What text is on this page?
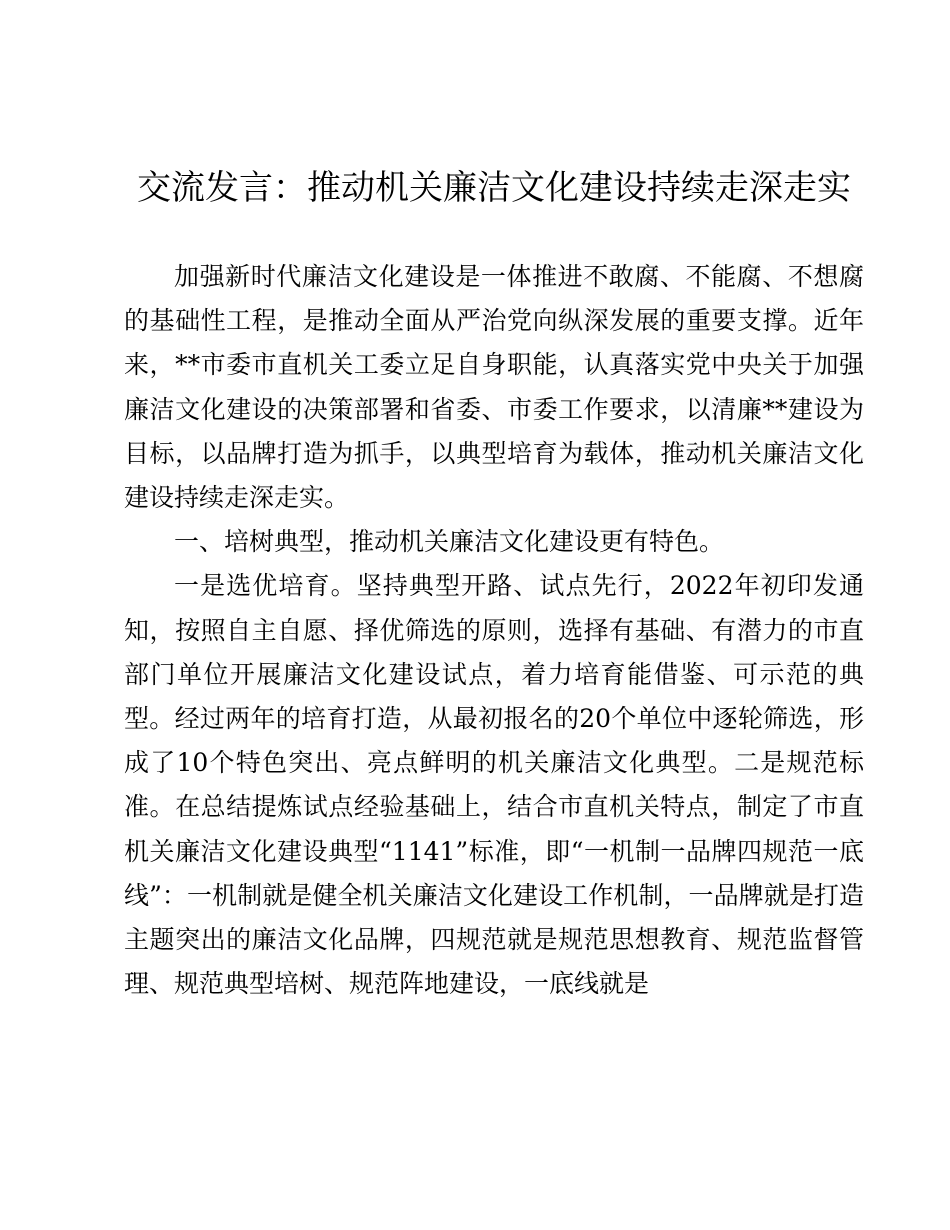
交流发言：推动机关廉洁文化建设持续走深走实

加强新时代廉洁文化建设是一体推进不敢腐、不能腐、不想腐的基础性工程，是推动全面从严治党向纵深发展的重要支撑。近年来，**市委市直机关工委立足自身职能，认真落实党中央关于加强廉洁文化建设的决策部署和省委、市委工作要求，以清廉**建设为目标，以品牌打造为抓手，以典型培育为载体，推动机关廉洁文化建设持续走深走实。

一、培树典型，推动机关廉洁文化建设更有特色。

一是选优培育。坚持典型开路、试点先行，2022年初印发通知，按照自主自愿、择优筛选的原则，选择有基础、有潜力的市直部门单位开展廉洁文化建设试点，着力培育能借鉴、可示范的典型。经过两年的培育打造，从最初报名的20个单位中逐轮筛选，形成了10个特色突出、亮点鲜明的机关廉洁文化典型。二是规范标准。在总结提炼试点经验基础上，结合市直机关特点，制定了市直机关廉洁文化建设典型“1141”标准，即“一机制一品牌四规范一底线”：一机制就是健全机关廉洁文化建设工作机制，一品牌就是打造主题突出的廉洁文化品牌，四规范就是规范思想教育、规范监督管理、规范典型培树、规范阵地建设，一底线就是
